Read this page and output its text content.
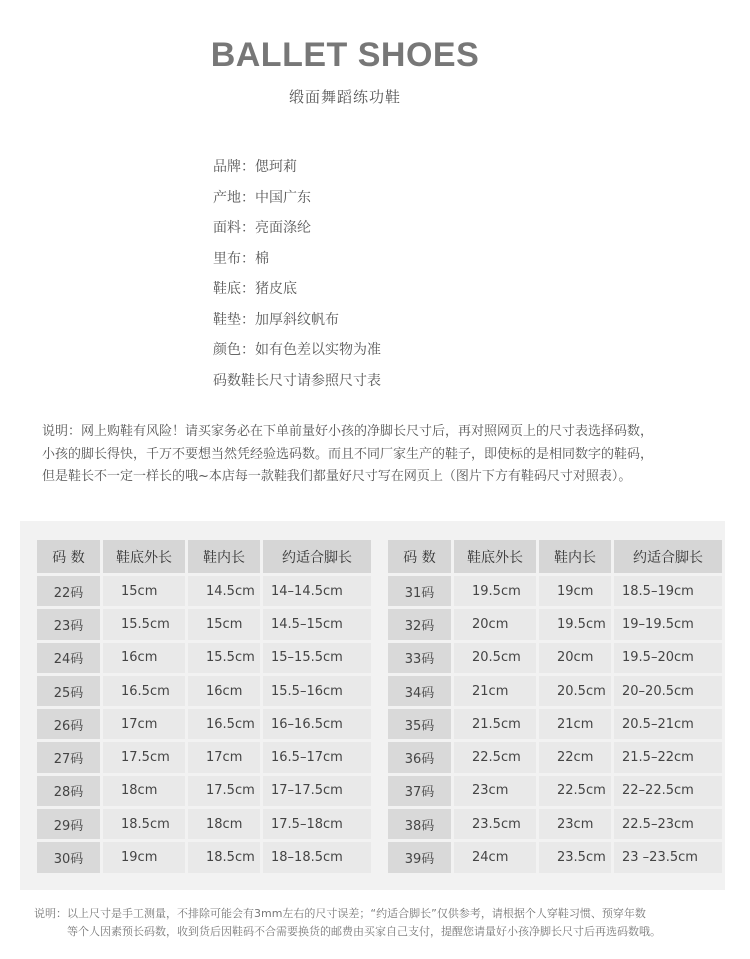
BALLET SHOES
缎面舞蹈练功鞋
品牌：偲珂莉
产地：中国广东
面料：亮面涤纶
里布：棉
鞋底：猪皮底
鞋垫：加厚斜纹帆布
颜色：如有色差以实物为准
码数鞋长尺寸请参照尺寸表
说明：网上购鞋有风险！请买家务必在下单前量好小孩的净脚长尺寸后，再对照网页上的尺寸表选择码数，
小孩的脚长得快，千万不要想当然凭经验选码数。而且不同厂家生产的鞋子，即使标的是相同数字的鞋码，
但是鞋长不一定一样长的哦~本店每一款鞋我们都量好尺寸写在网页上（图片下方有鞋码尺寸对照表）。
码 数	鞋底外长	鞋内长	约适合脚长
22码	15cm	14.5cm	14–14.5cm
23码	15.5cm	15cm	14.5–15cm
24码	16cm	15.5cm	15–15.5cm
25码	16.5cm	16cm	15.5–16cm
26码	17cm	16.5cm	16–16.5cm
27码	17.5cm	17cm	16.5–17cm
28码	18cm	17.5cm	17–17.5cm
29码	18.5cm	18cm	17.5–18cm
30码	19cm	18.5cm	18–18.5cm
码 数	鞋底外长	鞋内长	约适合脚长
31码	19.5cm	19cm	18.5–19cm
32码	20cm	19.5cm	19–19.5cm
33码	20.5cm	20cm	19.5–20cm
34码	21cm	20.5cm	20–20.5cm
35码	21.5cm	21cm	20.5–21cm
36码	22.5cm	22cm	21.5–22cm
37码	23cm	22.5cm	22–22.5cm
38码	23.5cm	23cm	22.5–23cm
39码	24cm	23.5cm	23 –23.5cm
说明：以上尺寸是手工测量，不排除可能会有3mm左右的尺寸误差；“约适合脚长”仅供参考，请根据个人穿鞋习惯、预穿年数
等个人因素预长码数，收到货后因鞋码不合需要换货的邮费由买家自己支付，提醒您请量好小孩净脚长尺寸后再选码数哦。
